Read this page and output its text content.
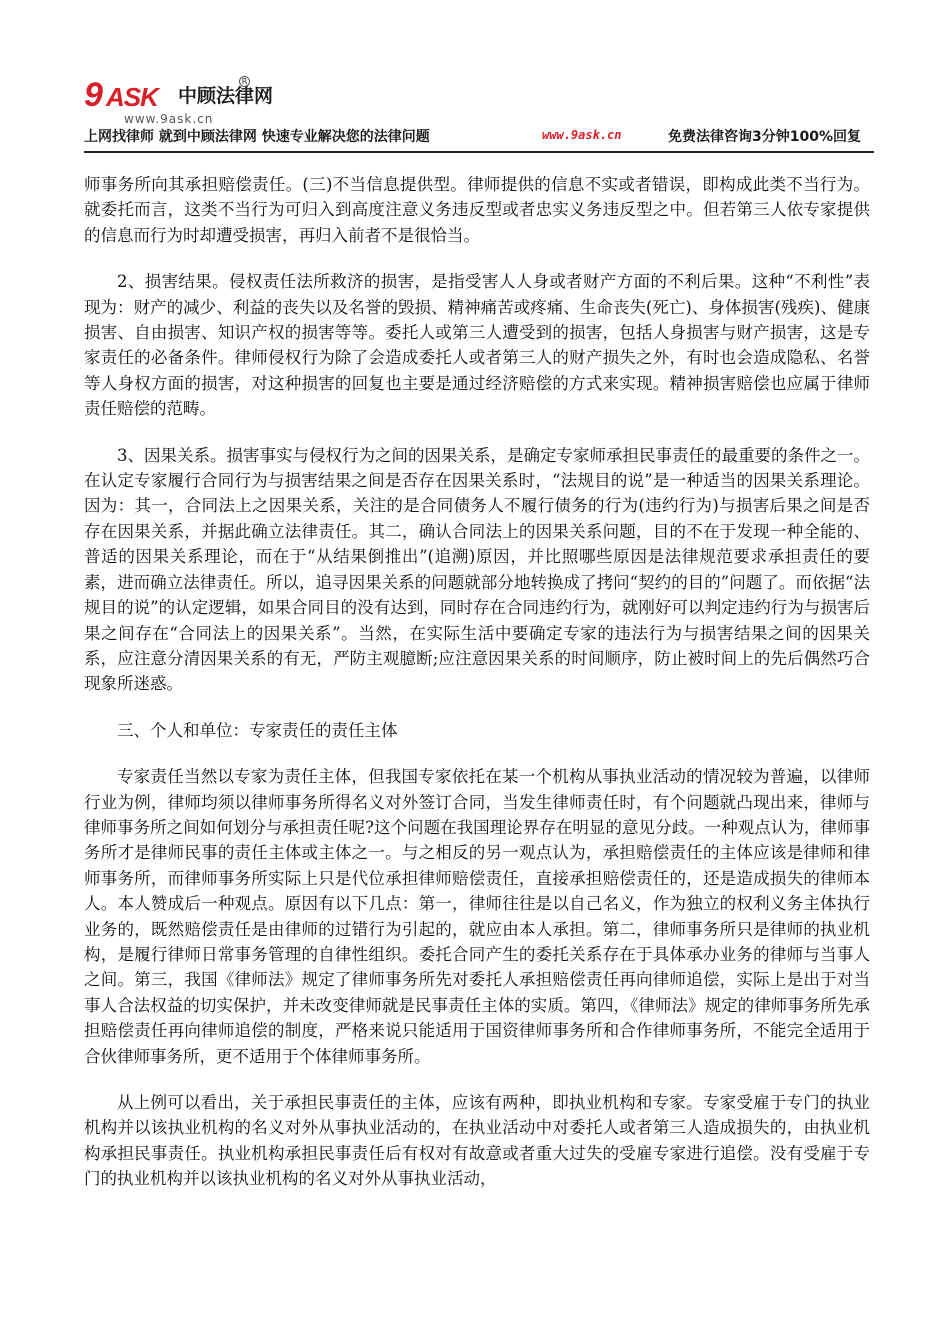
9 ASK 中顾法律网
R
www.9ask.cn
上网找律师 就到中顾法律网 快速专业解决您的法律问题	www.9ask.cn	免费法律咨询3分钟100%回复

师事务所向其承担赔偿责任。(三)不当信息提供型。律师提供的信息不实或者错误，即构成此类不当行为。就委托而言，这类不当行为可归入到高度注意义务违反型或者忠实义务违反型之中。但若第三人依专家提供的信息而行为时却遭受损害，再归入前者不是很恰当。

2、损害结果。侵权责任法所救济的损害，是指受害人人身或者财产方面的不利后果。这种“不利性”表现为：财产的减少、利益的丧失以及名誉的毁损、精神痛苦或疼痛、生命丧失(死亡)、身体损害(残疾)、健康损害、自由损害、知识产权的损害等等。委托人或第三人遭受到的损害，包括人身损害与财产损害，这是专家责任的必备条件。律师侵权行为除了会造成委托人或者第三人的财产损失之外，有时也会造成隐私、名誉等人身权方面的损害，对这种损害的回复也主要是通过经济赔偿的方式来实现。精神损害赔偿也应属于律师责任赔偿的范畴。

3、因果关系。损害事实与侵权行为之间的因果关系，是确定专家师承担民事责任的最重要的条件之一。在认定专家履行合同行为与损害结果之间是否存在因果关系时，“法规目的说”是一种适当的因果关系理论。因为：其一，合同法上之因果关系，关注的是合同债务人不履行债务的行为(违约行为)与损害后果之间是否存在因果关系，并据此确立法律责任。其二，确认合同法上的因果关系问题，目的不在于发现一种全能的、普适的因果关系理论，而在于“从结果倒推出”(追溯)原因，并比照哪些原因是法律规范要求承担责任的要素，进而确立法律责任。所以，追寻因果关系的问题就部分地转换成了拷问“契约的目的”问题了。而依据“法规目的说”的认定逻辑，如果合同目的没有达到，同时存在合同违约行为，就刚好可以判定违约行为与损害后果之间存在“合同法上的因果关系”。当然，在实际生活中要确定专家的违法行为与损害结果之间的因果关系，应注意分清因果关系的有无，严防主观臆断;应注意因果关系的时间顺序，防止被时间上的先后偶然巧合现象所迷惑。

三、个人和单位：专家责任的责任主体

专家责任当然以专家为责任主体，但我国专家依托在某一个机构从事执业活动的情况较为普遍，以律师行业为例，律师均须以律师事务所得名义对外签订合同，当发生律师责任时，有个问题就凸现出来，律师与律师事务所之间如何划分与承担责任呢?这个问题在我国理论界存在明显的意见分歧。一种观点认为，律师事务所才是律师民事的责任主体或主体之一。与之相反的另一观点认为，承担赔偿责任的主体应该是律师和律师事务所，而律师事务所实际上只是代位承担律师赔偿责任，直接承担赔偿责任的，还是造成损失的律师本人。本人赞成后一种观点。原因有以下几点：第一，律师往往是以自己名义，作为独立的权利义务主体执行业务的，既然赔偿责任是由律师的过错行为引起的，就应由本人承担。第二，律师事务所只是律师的执业机构，是履行律师日常事务管理的自律性组织。委托合同产生的委托关系存在于具体承办业务的律师与当事人之间。第三，我国《律师法》规定了律师事务所先对委托人承担赔偿责任再向律师追偿，实际上是出于对当事人合法权益的切实保护，并未改变律师就是民事责任主体的实质。第四，《律师法》规定的律师事务所先承担赔偿责任再向律师追偿的制度，严格来说只能适用于国资律师事务所和合作律师事务所，不能完全适用于合伙律师事务所，更不适用于个体律师事务所。

从上例可以看出，关于承担民事责任的主体，应该有两种，即执业机构和专家。专家受雇于专门的执业机构并以该执业机构的名义对外从事执业活动的，在执业活动中对委托人或者第三人造成损失的，由执业机构承担民事责任。执业机构承担民事责任后有权对有故意或者重大过失的受雇专家进行追偿。没有受雇于专门的执业机构并以该执业机构的名义对外从事执业活动，
